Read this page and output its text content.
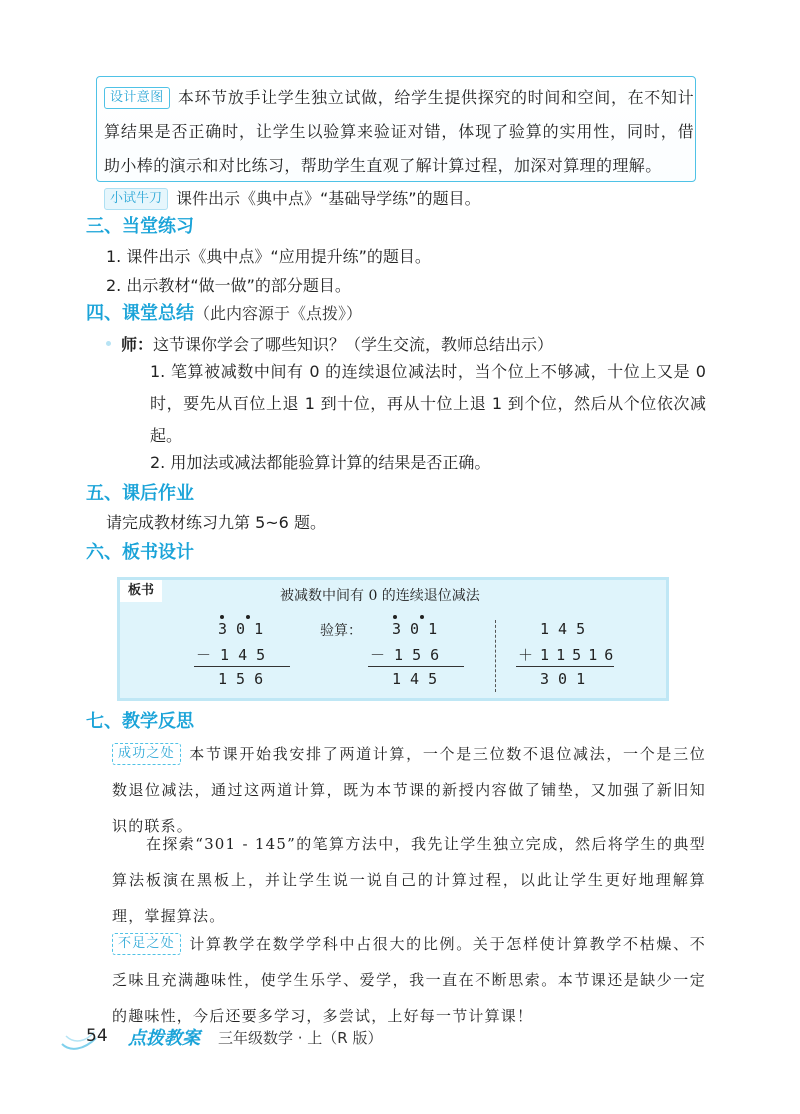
设计意图 本环节放手让学生独立试做，给学生提供探究的时间和空间，在不知计算结果是否正确时，让学生以验算来验证对错，体现了验算的实用性，同时，借助小棒的演示和对比练习，帮助学生直观了解计算过程，加深对算理的理解。
小试牛刀 课件出示《典中点》“基础导学练”的题目。
三、当堂练习
1. 课件出示《典中点》“应用提升练”的题目。
2. 出示教材“做一做”的部分题目。
四、课堂总结（此内容源于《点拨》）
师：这节课你学会了哪些知识？（学生交流，教师总结出示）
1. 笔算被减数中间有 0 的连续退位减法时，当个位上不够减，十位上又是 0 时，要先从百位上退 1 到十位，再从十位上退 1 到个位，然后从个位依次减起。
2. 用加法或减法都能验算计算的结果是否正确。
五、课后作业
请完成教材练习九第 5~6 题。
六、板书设计
板书	被减数中间有 0 的连续退位减法
3 0 1
－ 1 4 5
1 5 6
验算： 3 0 1
－ 1 5 6
1 4 5
1 4 5
＋ 1 1 5 1 6
3 0 1
七、教学反思
成功之处 本节课开始我安排了两道计算，一个是三位数不退位减法，一个是三位数退位减法，通过这两道计算，既为本节课的新授内容做了铺垫，又加强了新旧知识的联系。
在探索“301 - 145”的笔算方法中，我先让学生独立完成，然后将学生的典型算法板演在黑板上，并让学生说一说自己的计算过程，以此让学生更好地理解算理，掌握算法。
不足之处 计算教学在数学学科中占很大的比例。关于怎样使计算教学不枯燥、不乏味且充满趣味性，使学生乐学、爱学，我一直在不断思索。本节课还是缺少一定的趣味性，今后还要多学习，多尝试，上好每一节计算课！
54 点拨教案 三年级数学 · 上（R 版）
